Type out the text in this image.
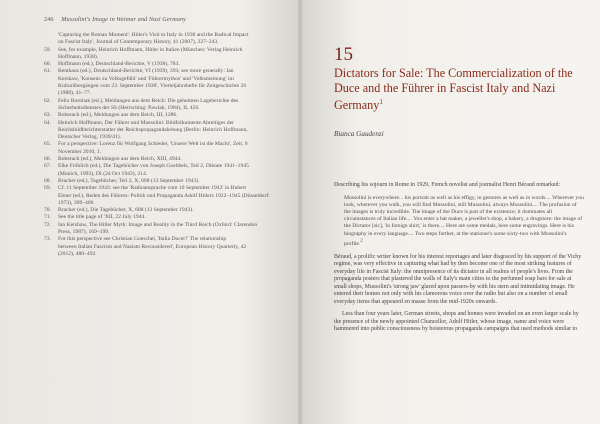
246 Mussolini's Image in Weimar and Nazi Germany
'Capturing the Roman Moment': Hitler's Visit to Italy in 1938 and the Radical Impact
on Fascist Italy', Journal of Contemporary History, 41 (2007), 227–243.
59.	See, for example, Heinrich Hoffmann, Hitler in Italien (München: Verlag Heinrich
Hoffmann, 1938).
60.	Hoffmann (ed.), Deutschland-Berichte, V (1938), 783.
61.	Benthaus (ed.), Deutschland-Berichte, VI (1939), 393; see more generally: Ian
Kershaw, 'Konsens zu Volksgefühl' und 'Führermythos' und 'Volksmeinung' im
Kulturübergängen vom 23. September 1938', Vierteljahrshefte für Zeitgeschichte 26
(1988), 41–77.
62.	Felix Bornhak (ed.), Meldungen aus dem Reich: Die geheimen Lageberichte des
Sicherheitsdienstes der SS (Herrsching: Pawlak, 1984), II, 456.
63.	Boberach (ed.), Meldungen aus dem Reich, III, 1286.
64.	Heinrich Hoffmann, Der Führer und Mussolini: Bildfolkumente Abreitiges der
Reichsbildberichterstatter der Reichspropagandaleitung (Berlin: Heinrich Hoffmann,
Deutscher Verlag, 1939/41).
65.	For a perspective: Lorenz für Wolfgang Schieder, 'Unsere Welt ist die Macht', Zeit, 6
November 2010, 1.
66.	Boberach (ed.), Meldungen aus dem Reich, XIII, 4944.
67.	Elke Fröhlich (ed.), Die Tagebücher von Joseph Goebbels, Teil 2, Diktate 1941–1945
(Munich, 1993), IX (24 Oct 1943), 214.
68.	Bracher (ed.), Tagebücher, Teil 2, X, 608 (13 September 1943).
69.	Cf. 11 September 1943: see the 'Radioansprache vom 10 September 1943' in Hubert
Ebner (ed.), Reden des Führers: Politik und Propaganda Adolf Hitlers 1922–1945 (Düsseldorf:
1973), 399–406.
70.	Bracher (ed.), Die Tagebücher, X, 608 (13 September 1943).
71.	See the title page of 'XII, 22 July 1944.
72.	Ian Kershaw, The Hitler Myth: Image and Reality in the Third Reich (Oxford: Clarendon
Press, 1987), 169–199.
73.	For this perspective see Christian Goeschel, 'Italia Docet?' The relationship
between Italian Fascism and Nazism Reconsidered', European History Quarterly, 42
(2012), 480–492.
15
Dictators for Sale: The Commercialization of the Duce and the Führer in Fascist Italy and Nazi Germany$^1$
Bianca Gaudenzi

Describing his sojourn in Rome in 1929, French novelist and journalist Henri Béraud remarked:

Mussolini is everywhere... his portrait as well as his effigy, in gestures as well as in words.... Wherever you look, wherever you walk, you will find Mussolini, still Mussolini, always Mussolini.... The profusion of the images is truly incredible. The image of the Duce is part of the existence; it dominates all circumstances of Italian life.... You enter a hat maker, a jeweller's shop, a bakery, a drugstore: the image of the Dictator [sic], 'in foreign shirt,' is there.... Here are some medals, here some engravings. Here is his biography in every language.... Two steps further, at the stationer's some sixty-two with Mussolini's profile.$^2$

Béraud, a prolific writer known for his interest reportages and later disgraced by his support of the Vichy regime, was very effective in capturing what had by then become one of the most striking features of everyday life in Fascist Italy: the omnipresence of its dictator in all realms of people's lives. From the propaganda posters that plastered the walls of Italy's main cities to the perfumed soap bars for sale at small shops, Mussolini's 'strong jaw' glared upon passers-by with his stern and intimidating image. He entered their homes not only with his clamorous voice over the radio but also on a number of small everyday items that appeared en masse from the mid-1920s onwards.

Less than four years later, German streets, shops and homes were invaded on an even larger scale by the presence of the newly appointed Chancellor, Adolf Hitler, whose image, name and voice were hammered into public consciousness by boisterous propaganda campaigns that used methods similar to
